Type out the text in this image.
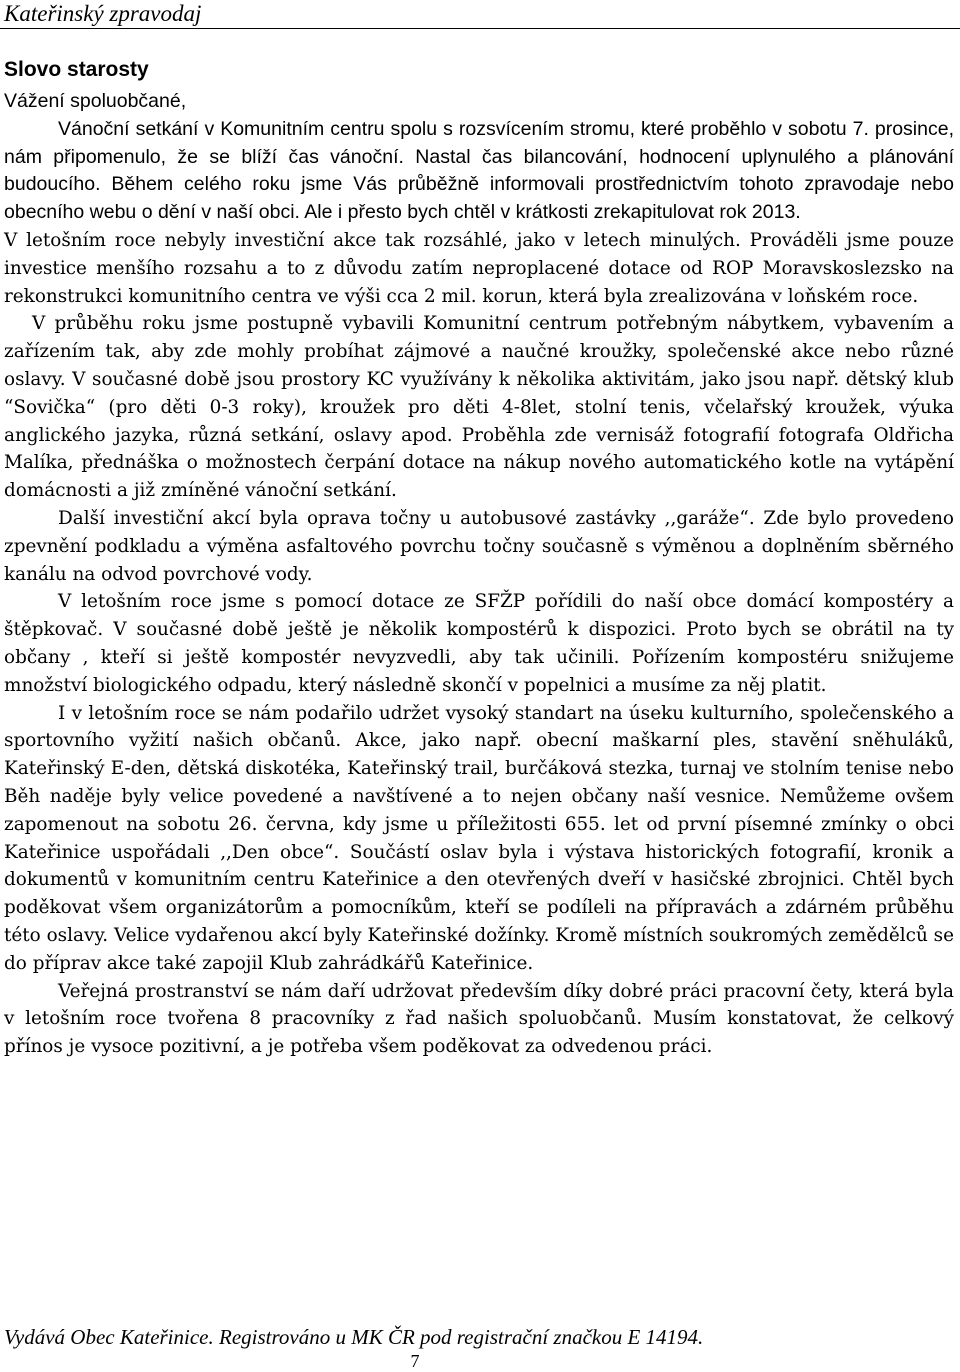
Kateřinský zpravodaj
Slovo starosty

Vážení spoluobčané,

Vánoční setkání v Komunitním centru spolu s rozsvícením stromu, které proběhlo v sobotu 7. prosince, nám připomenulo, že se blíží čas vánoční. Nastal čas bilancování, hodnocení uplynulého a plánování budoucího. Během celého roku jsme Vás průběžně informovali prostřednictvím tohoto zpravodaje nebo obecního webu o dění v naší obci. Ale i přesto bych chtěl v krátkosti zrekapitulovat rok 2013.

V letošním roce nebyly investiční akce tak rozsáhlé, jako v letech minulých. Prováděli jsme pouze investice menšího rozsahu a to z důvodu zatím neproplacené dotace od ROP Moravskoslezsko na rekonstrukci komunitního centra ve výši cca 2 mil. korun, která byla zrealizována v loňském roce.

V průběhu roku jsme postupně vybavili Komunitní centrum potřebným nábytkem, vybavením a zařízením tak, aby zde mohly probíhat zájmové a naučné kroužky, společenské akce nebo různé oslavy. V současné době jsou prostory KC využívány k několika aktivitám, jako jsou např. dětský klub “Sovička“ (pro děti 0-3 roky), kroužek pro děti 4-8let, stolní tenis, včelařský kroužek, výuka anglického jazyka, různá setkání, oslavy apod. Proběhla zde vernisáž fotografií fotografa Oldřicha Malíka, přednáška o možnostech čerpání dotace na nákup nového automatického kotle na vytápění domácnosti a již zmíněné vánoční setkání.

Další investiční akcí byla oprava točny u autobusové zastávky ,,garáže“. Zde bylo provedeno zpevnění podkladu a výměna asfaltového povrchu točny současně s výměnou a doplněním sběrného kanálu na odvod povrchové vody.

V letošním roce jsme s pomocí dotace ze SFŽP pořídili do naší obce domácí kompostéry a štěpkovač. V současné době ještě je několik kompostérů k dispozici. Proto bych se obrátil na ty občany , kteří si ještě kompostér nevyzvedli, aby tak učinili. Pořízením kompostéru snižujeme množství biologického odpadu, který následně skončí v popelnici a musíme za něj platit.

I v letošním roce se nám podařilo udržet vysoký standart na úseku kulturního, společenského a sportovního vyžití našich občanů. Akce, jako např. obecní maškarní ples, stavění sněhuláků, Kateřinský E-den, dětská diskotéka, Kateřinský trail, burčáková stezka, turnaj ve stolním tenise nebo Běh naděje byly velice povedené a navštívené a to nejen občany naší vesnice. Nemůžeme ovšem zapomenout na sobotu 26. června, kdy jsme u příležitosti 655. let od první písemné zmínky o obci Kateřinice uspořádali ,,Den obce“. Součástí oslav byla i výstava historických fotografií, kronik a dokumentů v komunitním centru Kateřinice a den otevřených dveří v hasičské zbrojnici. Chtěl bych poděkovat všem organizátorům a pomocníkům, kteří se podíleli na přípravách a zdárném průběhu této oslavy. Velice vydařenou akcí byly Kateřinské dožínky. Kromě místních soukromých zemědělců se do příprav akce také zapojil Klub zahrádkářů Kateřinice.

Veřejná prostranství se nám daří udržovat především díky dobré práci pracovní čety, která byla v letošním roce tvořena 8 pracovníky z řad našich spoluobčanů. Musím konstatovat, že celkový přínos je vysoce pozitivní, a je potřeba všem poděkovat za odvedenou práci.

Vydává Obec Kateřinice. Registrováno u MK ČR pod registrační značkou E 14194.
7
